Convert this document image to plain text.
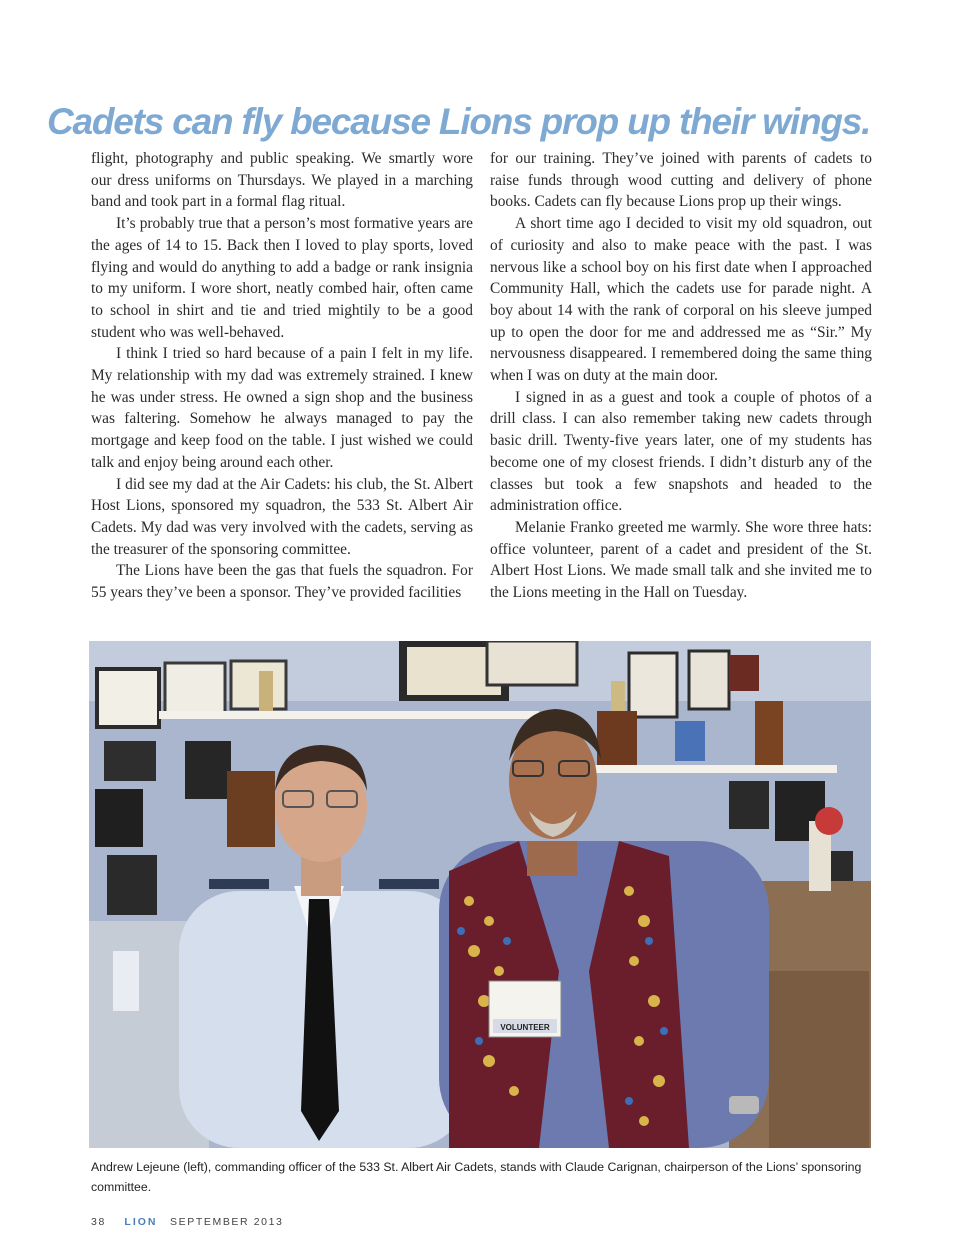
Cadets can fly because Lions prop up their wings.

flight, photography and public speaking. We smartly wore our dress uniforms on Thursdays. We played in a marching band and took part in a formal flag ritual.

It’s probably true that a person’s most formative years are the ages of 14 to 15. Back then I loved to play sports, loved flying and would do anything to add a badge or rank insignia to my uniform. I wore short, neatly combed hair, often came to school in shirt and tie and tried mightily to be a good student who was well-behaved.

I think I tried so hard because of a pain I felt in my life. My relationship with my dad was extremely strained. I knew he was under stress. He owned a sign shop and the business was faltering. Somehow he always managed to pay the mortgage and keep food on the table. I just wished we could talk and enjoy being around each other.

I did see my dad at the Air Cadets: his club, the St. Albert Host Lions, sponsored my squadron, the 533 St. Albert Air Cadets. My dad was very involved with the cadets, serving as the treasurer of the sponsoring committee.

The Lions have been the gas that fuels the squadron. For 55 years they’ve been a sponsor. They’ve provided facilities

for our training. They’ve joined with parents of cadets to raise funds through wood cutting and delivery of phone books. Cadets can fly because Lions prop up their wings.

A short time ago I decided to visit my old squadron, out of curiosity and also to make peace with the past. I was nervous like a school boy on his first date when I approached Community Hall, which the cadets use for parade night. A boy about 14 with the rank of corporal on his sleeve jumped up to open the door for me and addressed me as “Sir.” My nervousness disappeared. I remembered doing the same thing when I was on duty at the main door.

I signed in as a guest and took a couple of photos of a drill class. I can also remember taking new cadets through basic drill. Twenty-five years later, one of my students has become one of my closest friends. I didn’t disturb any of the classes but took a few snapshots and headed to the administration office.

Melanie Franko greeted me warmly. She wore three hats: office volunteer, parent of a cadet and president of the St. Albert Host Lions. We made small talk and she invited me to the Lions meeting in the Hall on Tuesday.

VOLUNTEER
Andrew Lejeune (left), commanding officer of the 533 St. Albert Air Cadets, stands with Claude Carignan, chairperson of the Lions’ sponsoring committee.
38 LION SEPTEMBER 2013
